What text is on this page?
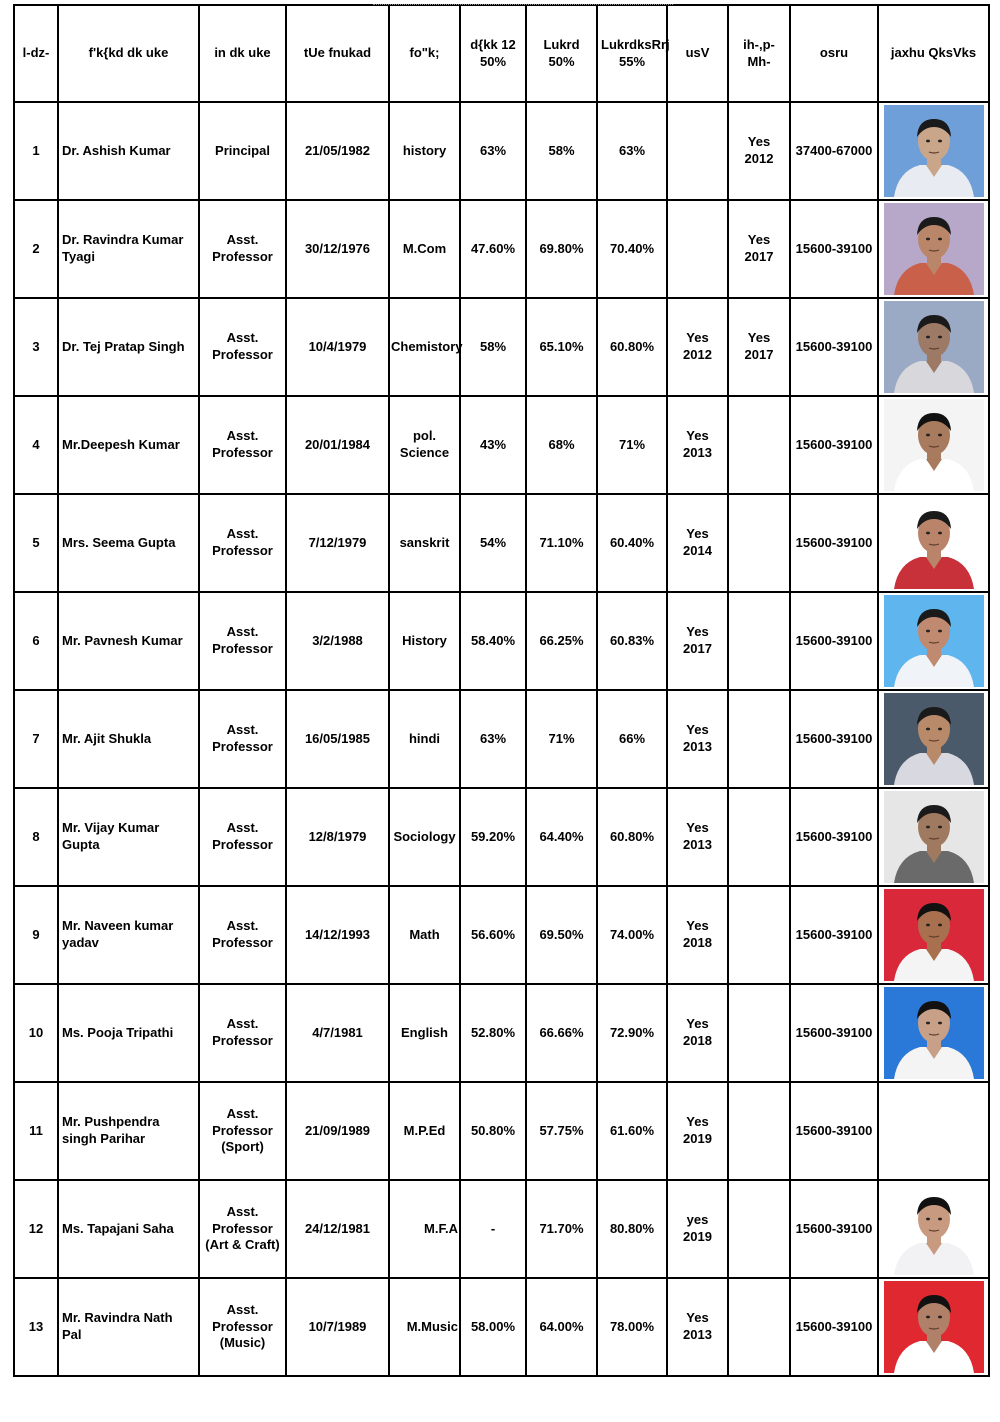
l-dz-	f'k{kd dk uke	in dk uke	tUe fnukad	fo"k;	d{kk 12 50%	Lukrd 50%	LukrdksRrj 55%	usV	ih-,p-Mh-	osru	jaxhu QksVks
1	Dr. Ashish Kumar	Principal	21/05/1982	history	63%	58%	63%		Yes 2012	37400-67000	

2	Dr. Ravindra Kumar Tyagi	Asst. Professor	30/12/1976	M.Com	47.60%	69.80%	70.40%		Yes 2017	15600-39100	

3	Dr. Tej Pratap Singh	Asst. Professor	10/4/1979	Chemistory	58%	65.10%	60.80%	Yes 2012	Yes 2017	15600-39100	

4	Mr.Deepesh Kumar	Asst. Professor	20/01/1984	pol. Science	43%	68%	71%	Yes 2013		15600-39100	

5	Mrs. Seema Gupta	Asst. Professor	7/12/1979	sanskrit	54%	71.10%	60.40%	Yes 2014		15600-39100	

6	Mr. Pavnesh Kumar	Asst. Professor	3/2/1988	History	58.40%	66.25%	60.83%	Yes 2017		15600-39100	

7	Mr. Ajit Shukla	Asst. Professor	16/05/1985	hindi	63%	71%	66%	Yes 2013		15600-39100	

8	Mr. Vijay Kumar Gupta	Asst. Professor	12/8/1979	Sociology	59.20%	64.40%	60.80%	Yes 2013		15600-39100	

9	Mr. Naveen kumar yadav	Asst. Professor	14/12/1993	Math	56.60%	69.50%	74.00%	Yes 2018		15600-39100	

10	Ms. Pooja Tripathi	Asst. Professor	4/7/1981	English	52.80%	66.66%	72.90%	Yes 2018		15600-39100	

11	Mr. Pushpendra singh Parihar	Asst. Professor (Sport)	21/09/1989	M.P.Ed	50.80%	57.75%	61.60%	Yes 2019		15600-39100	
12	Ms. Tapajani Saha	Asst. Professor (Art & Craft)	24/12/1981	M.F.A	-	71.70%	80.80%	yes 2019		15600-39100	

13	Mr. Ravindra Nath Pal	Asst. Professor (Music)	10/7/1989	M.Music	58.00%	64.00%	78.00%	Yes 2013		15600-39100	
